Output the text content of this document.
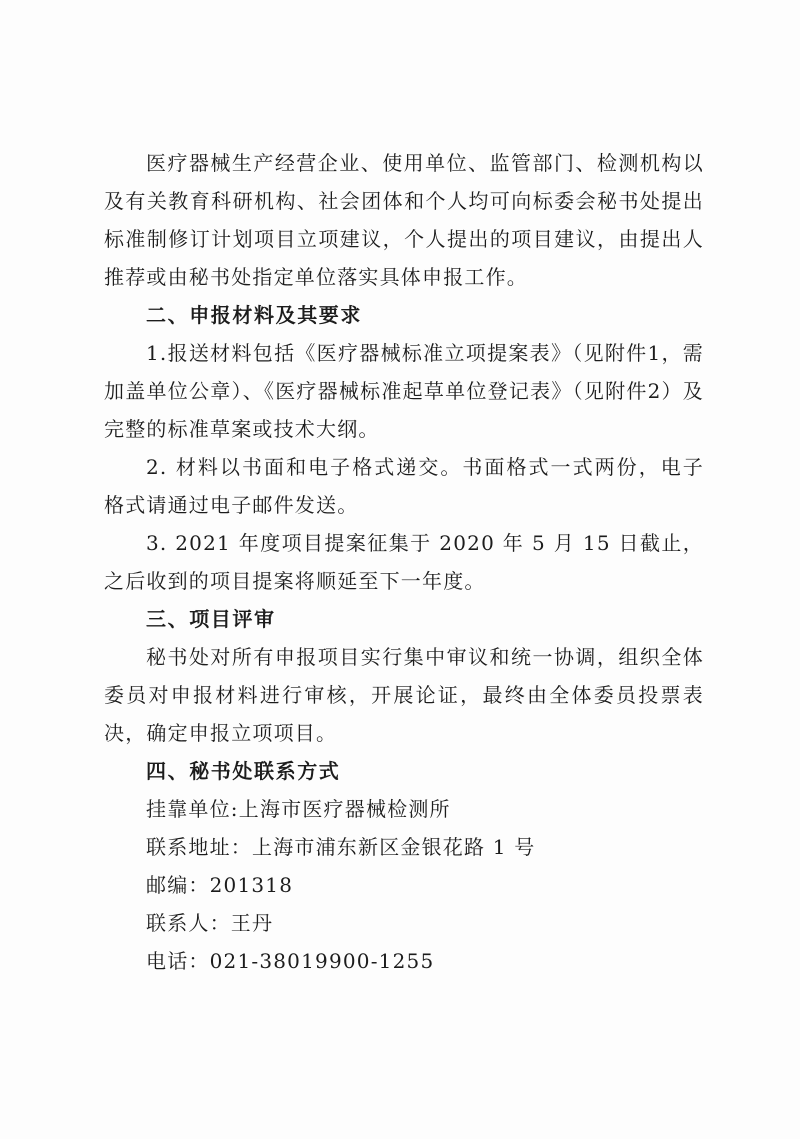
医疗器械生产经营企业、使用单位、监管部门、检测机构以及有关教育科研机构、社会团体和个人均可向标委会秘书处提出标准制修订计划项目立项建议，个人提出的项目建议，由提出人推荐或由秘书处指定单位落实具体申报工作。

二、申报材料及其要求

1.报送材料包括《医疗器械标准立项提案表》（见附件1，需加盖单位公章）、《医疗器械标准起草单位登记表》（见附件2）及完整的标准草案或技术大纲。

2. 材料以书面和电子格式递交。书面格式一式两份，电子格式请通过电子邮件发送。

3. 2021 年度项目提案征集于 2020 年 5 月 15 日截止，之后收到的项目提案将顺延至下一年度。

三、项目评审

秘书处对所有申报项目实行集中审议和统一协调，组织全体委员对申报材料进行审核，开展论证，最终由全体委员投票表决，确定申报立项项目。

四、秘书处联系方式

挂靠单位:上海市医疗器械检测所

联系地址：上海市浦东新区金银花路 1 号

邮编：201318

联系人：王丹

电话：021-38019900-1255
